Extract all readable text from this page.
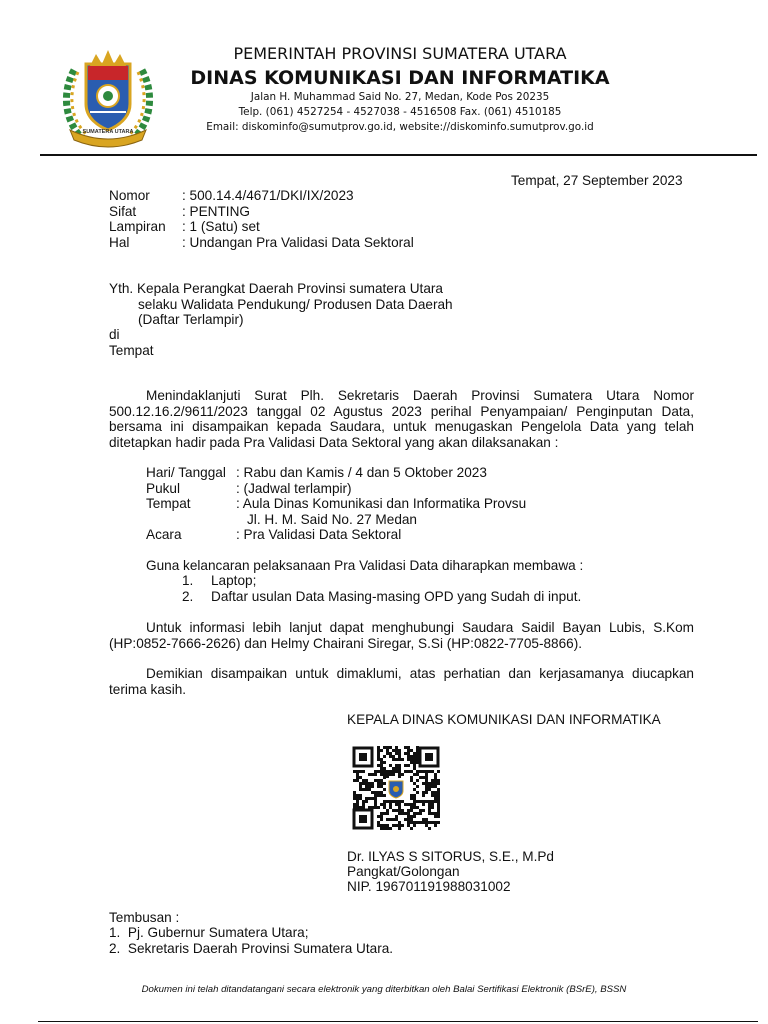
SUMATERA UTARA
PEMERINTAH PROVINSI SUMATERA UTARA
DINAS KOMUNIKASI DAN INFORMATIKA
Jalan H. Muhammad Said No. 27, Medan, Kode Pos 20235
Telp. (061) 4527254 - 4527038 - 4516508 Fax. (061) 4510185
Email: diskominfo@sumutprov.go.id, website://diskominfo.sumutprov.go.id
Tempat, 27 September 2023
Nomor : 500.14.4/4671/DKI/IX/2023
Sifat	: PENTING
Lampiran : 1 (Satu) set
Hal	: Undangan Pra Validasi Data Sektoral
Yth. Kepala Perangkat Daerah Provinsi sumatera Utara
selaku Walidata Pendukung/ Produsen Data Daerah
(Daftar Terlampir)
di
Tempat
Menindaklanjuti Surat Plh. Sekretaris Daerah Provinsi Sumatera Utara Nomor 500.12.16.2/9611/2023 tanggal 02 Agustus 2023 perihal Penyampaian/ Penginputan Data, bersama ini disampaikan kepada Saudara, untuk menugaskan Pengelola Data yang telah ditetapkan hadir pada Pra Validasi Data Sektoral yang akan dilaksanakan :
Hari/ Tanggal : Rabu dan Kamis / 4 dan 5 Oktober 2023
Pukul	: (Jadwal terlampir)
Tempat	: Aula Dinas Komunikasi dan Informatika Provsu
Jl. H. M. Said No. 27 Medan
Acara	: Pra Validasi Data Sektoral
Guna kelancaran pelaksanaan Pra Validasi Data diharapkan membawa :
1. Laptop;
2. Daftar usulan Data Masing-masing OPD yang Sudah di input.
Untuk informasi lebih lanjut dapat menghubungi Saudara Saidil Bayan Lubis, S.Kom (HP:0852-7666-2626) dan Helmy Chairani Siregar, S.Si (HP:0822-7705-8866).
Demikian disampaikan untuk dimaklumi, atas perhatian dan kerjasamanya diucapkan terima kasih.
KEPALA DINAS KOMUNIKASI DAN INFORMATIKA
Dr. ILYAS S SITORUS, S.E., M.Pd
Pangkat/Golongan
NIP. 196701191988031002
Tembusan :
1.  Pj. Gubernur Sumatera Utara;
2.  Sekretaris Daerah Provinsi Sumatera Utara.
Dokumen ini telah ditandatangani secara elektronik yang diterbitkan oleh Balai Sertifikasi Elektronik (BSrE), BSSN
